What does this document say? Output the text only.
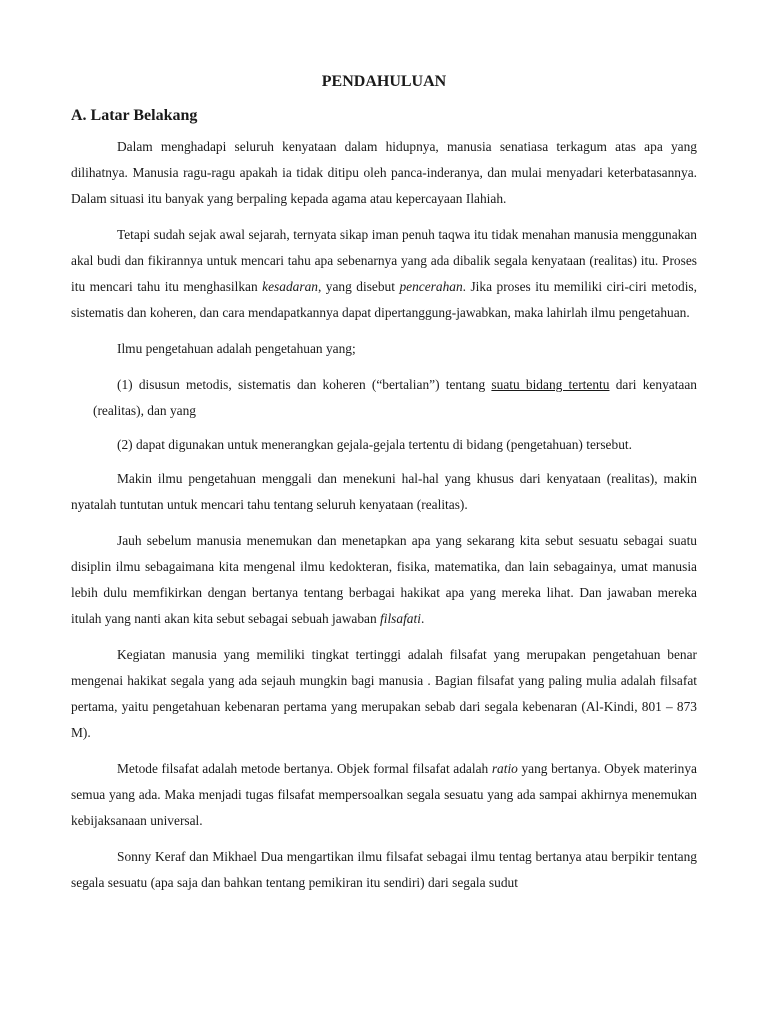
PENDAHULUAN
A. Latar Belakang

Dalam menghadapi seluruh kenyataan dalam hidupnya, manusia senatiasa terkagum atas apa yang dilihatnya. Manusia ragu-ragu apakah ia tidak ditipu oleh panca-inderanya, dan mulai menyadari keterbatasannya. Dalam situasi itu banyak yang berpaling kepada agama atau kepercayaan Ilahiah.

Tetapi sudah sejak awal sejarah, ternyata sikap iman penuh taqwa itu tidak menahan manusia menggunakan akal budi dan fikirannya untuk mencari tahu apa sebenarnya yang ada dibalik segala kenyataan (realitas) itu. Proses itu mencari tahu itu menghasilkan kesadaran, yang disebut pencerahan. Jika proses itu memiliki ciri-ciri metodis, sistematis dan koheren, dan cara mendapatkannya dapat dipertanggung-jawabkan, maka lahirlah ilmu pengetahuan.

Ilmu pengetahuan adalah pengetahuan yang;

(1) disusun metodis, sistematis dan koheren (“bertalian”) tentang suatu bidang tertentu dari kenyataan (realitas), dan yang

(2) dapat digunakan untuk menerangkan gejala-gejala tertentu di bidang (pengetahuan) tersebut.

Makin ilmu pengetahuan menggali dan menekuni hal-hal yang khusus dari kenyataan (realitas), makin nyatalah tuntutan untuk mencari tahu tentang seluruh kenyataan (realitas).

Jauh sebelum manusia menemukan dan menetapkan apa yang sekarang kita sebut sesuatu sebagai suatu disiplin ilmu sebagaimana kita mengenal ilmu kedokteran, fisika, matematika, dan lain sebagainya, umat manusia lebih dulu memfikirkan dengan bertanya tentang berbagai hakikat apa yang mereka lihat. Dan jawaban mereka itulah yang nanti akan kita sebut sebagai sebuah jawaban filsafati.

Kegiatan manusia yang memiliki tingkat tertinggi adalah filsafat yang merupakan pengetahuan benar mengenai hakikat segala yang ada sejauh mungkin bagi manusia . Bagian filsafat yang paling mulia adalah filsafat pertama, yaitu pengetahuan kebenaran pertama yang merupakan sebab dari segala kebenaran (Al-Kindi, 801 – 873 M).

Metode filsafat adalah metode bertanya. Objek formal filsafat adalah ratio yang bertanya. Obyek materinya semua yang ada. Maka menjadi tugas filsafat mempersoalkan segala sesuatu yang ada sampai akhirnya menemukan kebijaksanaan universal.

Sonny Keraf dan Mikhael Dua mengartikan ilmu filsafat sebagai ilmu tentag bertanya atau berpikir tentang segala sesuatu (apa saja dan bahkan tentang pemikiran itu sendiri) dari segala sudut
